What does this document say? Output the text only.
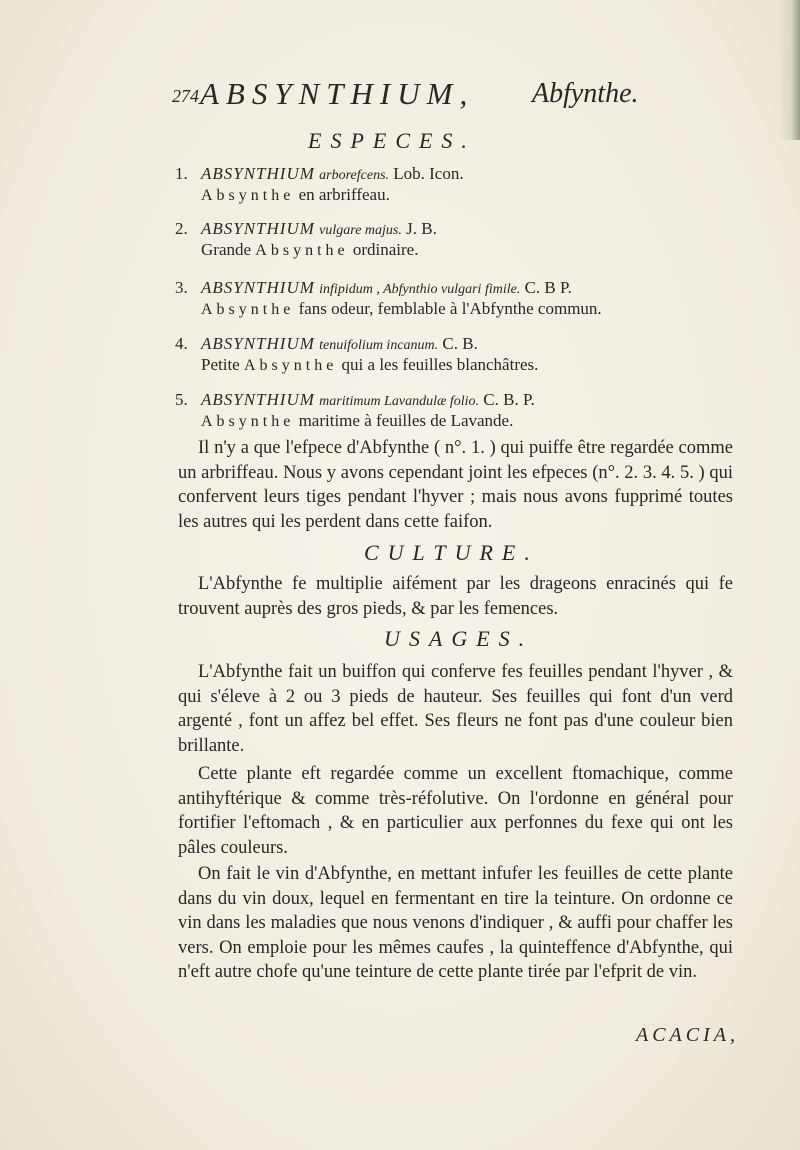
274 ABSYNTHIUM, Abfynthe.
ESPECES.
1. ABSYNTHIUM arborefcens. Lob. Icon.
Absynthe en arbriffeau.
2. ABSYNTHIUM vulgare majus. J. B.
Grande Absynthe ordinaire.
3. ABSYNTHIUM infipidum , Abfynthio vulgari fimile. C. B P.
Absynthe fans odeur, femblable à l'Abfynthe commun.
4. ABSYNTHIUM tenuifolium incanum. C. B.
Petite Absynthe qui a les feuilles blanchâtres.
5. ABSYNTHIUM maritimum Lavandulæ folio. C. B. P.
Absynthe maritime à feuilles de Lavande.

Il n'y a que l'efpece d'Abfynthe ( n°. 1. ) qui puiffe être regardée comme un arbriffeau. Nous y avons cependant joint les efpeces (n°. 2. 3. 4. 5. ) qui confervent leurs tiges pendant l'hyver ; mais nous avons fupprimé toutes les autres qui les perdent dans cette faifon.

CULTURE.

L'Abfynthe fe multiplie aifément par les drageons enracinés qui fe trouvent auprès des gros pieds, & par les femences.

USAGES.

L'Abfynthe fait un buiffon qui conferve fes feuilles pendant l'hyver , & qui s'éleve à 2 ou 3 pieds de hauteur. Ses feuilles qui font d'un verd argenté , font un affez bel effet. Ses fleurs ne font pas d'une couleur bien brillante.

Cette plante eft regardée comme un excellent ftomachique, comme antihyftérique & comme très-réfolutive. On l'ordonne en général pour fortifier l'eftomach , & en particulier aux perfonnes du fexe qui ont les pâles couleurs.

On fait le vin d'Abfynthe, en mettant infufer les feuilles de cette plante dans du vin doux, lequel en fermentant en tire la teinture. On ordonne ce vin dans les maladies que nous venons d'indiquer , & auffi pour chaffer les vers. On emploie pour les mêmes caufes , la quinteffence d'Abfynthe, qui n'eft autre chofe qu'une teinture de cette plante tirée par l'efprit de vin.

ACACIA,
